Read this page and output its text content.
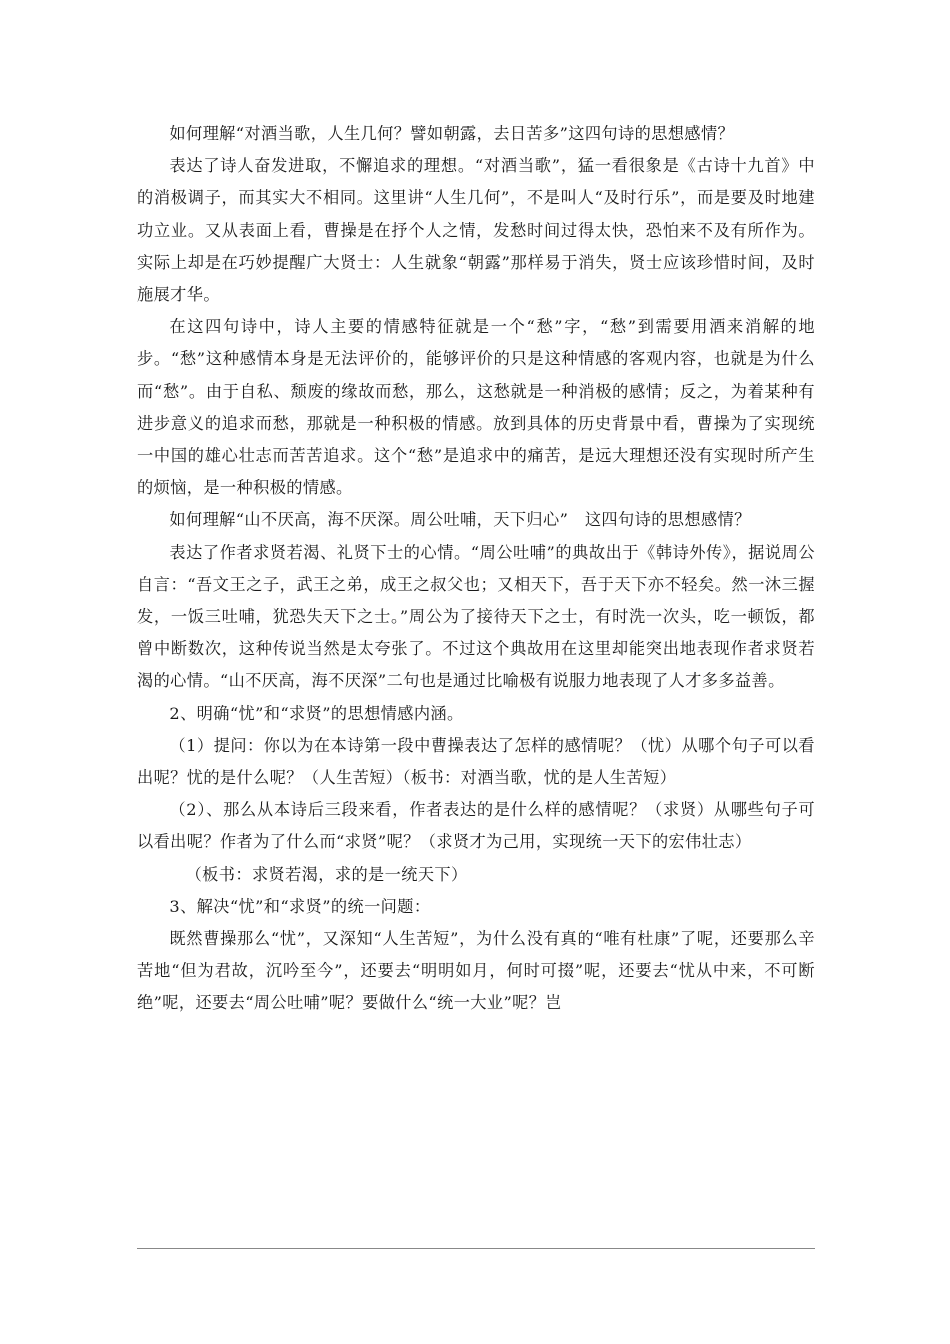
如何理解“对酒当歌，人生几何？譬如朝露，去日苦多”这四句诗的思想感情？

表达了诗人奋发进取，不懈追求的理想。“对酒当歌”，猛一看很象是《古诗十九首》中的消极调子，而其实大不相同。这里讲“人生几何”，不是叫人“及时行乐”，而是要及时地建功立业。又从表面上看，曹操是在抒个人之情，发愁时间过得太快，恐怕来不及有所作为。实际上却是在巧妙提醒广大贤士：人生就象“朝露”那样易于消失，贤士应该珍惜时间，及时施展才华。

在这四句诗中，诗人主要的情感特征就是一个“愁”字，“愁”到需要用酒来消解的地步。“愁”这种感情本身是无法评价的，能够评价的只是这种情感的客观内容，也就是为什么而“愁”。由于自私、颓废的缘故而愁，那么，这愁就是一种消极的感情；反之，为着某种有进步意义的追求而愁，那就是一种积极的情感。放到具体的历史背景中看，曹操为了实现统一中国的雄心壮志而苦苦追求。这个“愁”是追求中的痛苦，是远大理想还没有实现时所产生的烦恼，是一种积极的情感。

如何理解“山不厌高，海不厌深。周公吐哺，天下归心”　这四句诗的思想感情？

表达了作者求贤若渴、礼贤下士的心情。“周公吐哺”的典故出于《韩诗外传》，据说周公自言：“吾文王之子，武王之弟，成王之叔父也；又相天下，吾于天下亦不轻矣。然一沐三握发，一饭三吐哺，犹恐失天下之士。”周公为了接待天下之士，有时洗一次头，吃一顿饭，都曾中断数次，这种传说当然是太夸张了。不过这个典故用在这里却能突出地表现作者求贤若渴的心情。“山不厌高，海不厌深”二句也是通过比喻极有说服力地表现了人才多多益善。

2、明确“忧”和“求贤”的思想情感内涵。

（1）提问：你以为在本诗第一段中曹操表达了怎样的感情呢？（忧）从哪个句子可以看出呢？忧的是什么呢？（人生苦短）（板书：对酒当歌，忧的是人生苦短）

（2）、那么从本诗后三段来看，作者表达的是什么样的感情呢？（求贤）从哪些句子可以看出呢？作者为了什么而“求贤”呢？（求贤才为己用，实现统一天下的宏伟壮志）

（板书：求贤若渴，求的是一统天下）

3、解决“忧”和“求贤”的统一问题：

既然曹操那么“忧”，又深知“人生苦短”，为什么没有真的“唯有杜康”了呢，还要那么辛苦地“但为君故，沉吟至今”，还要去“明明如月，何时可掇”呢，还要去“忧从中来，不可断绝”呢，还要去“周公吐哺”呢？要做什么“统一大业”呢？岂
